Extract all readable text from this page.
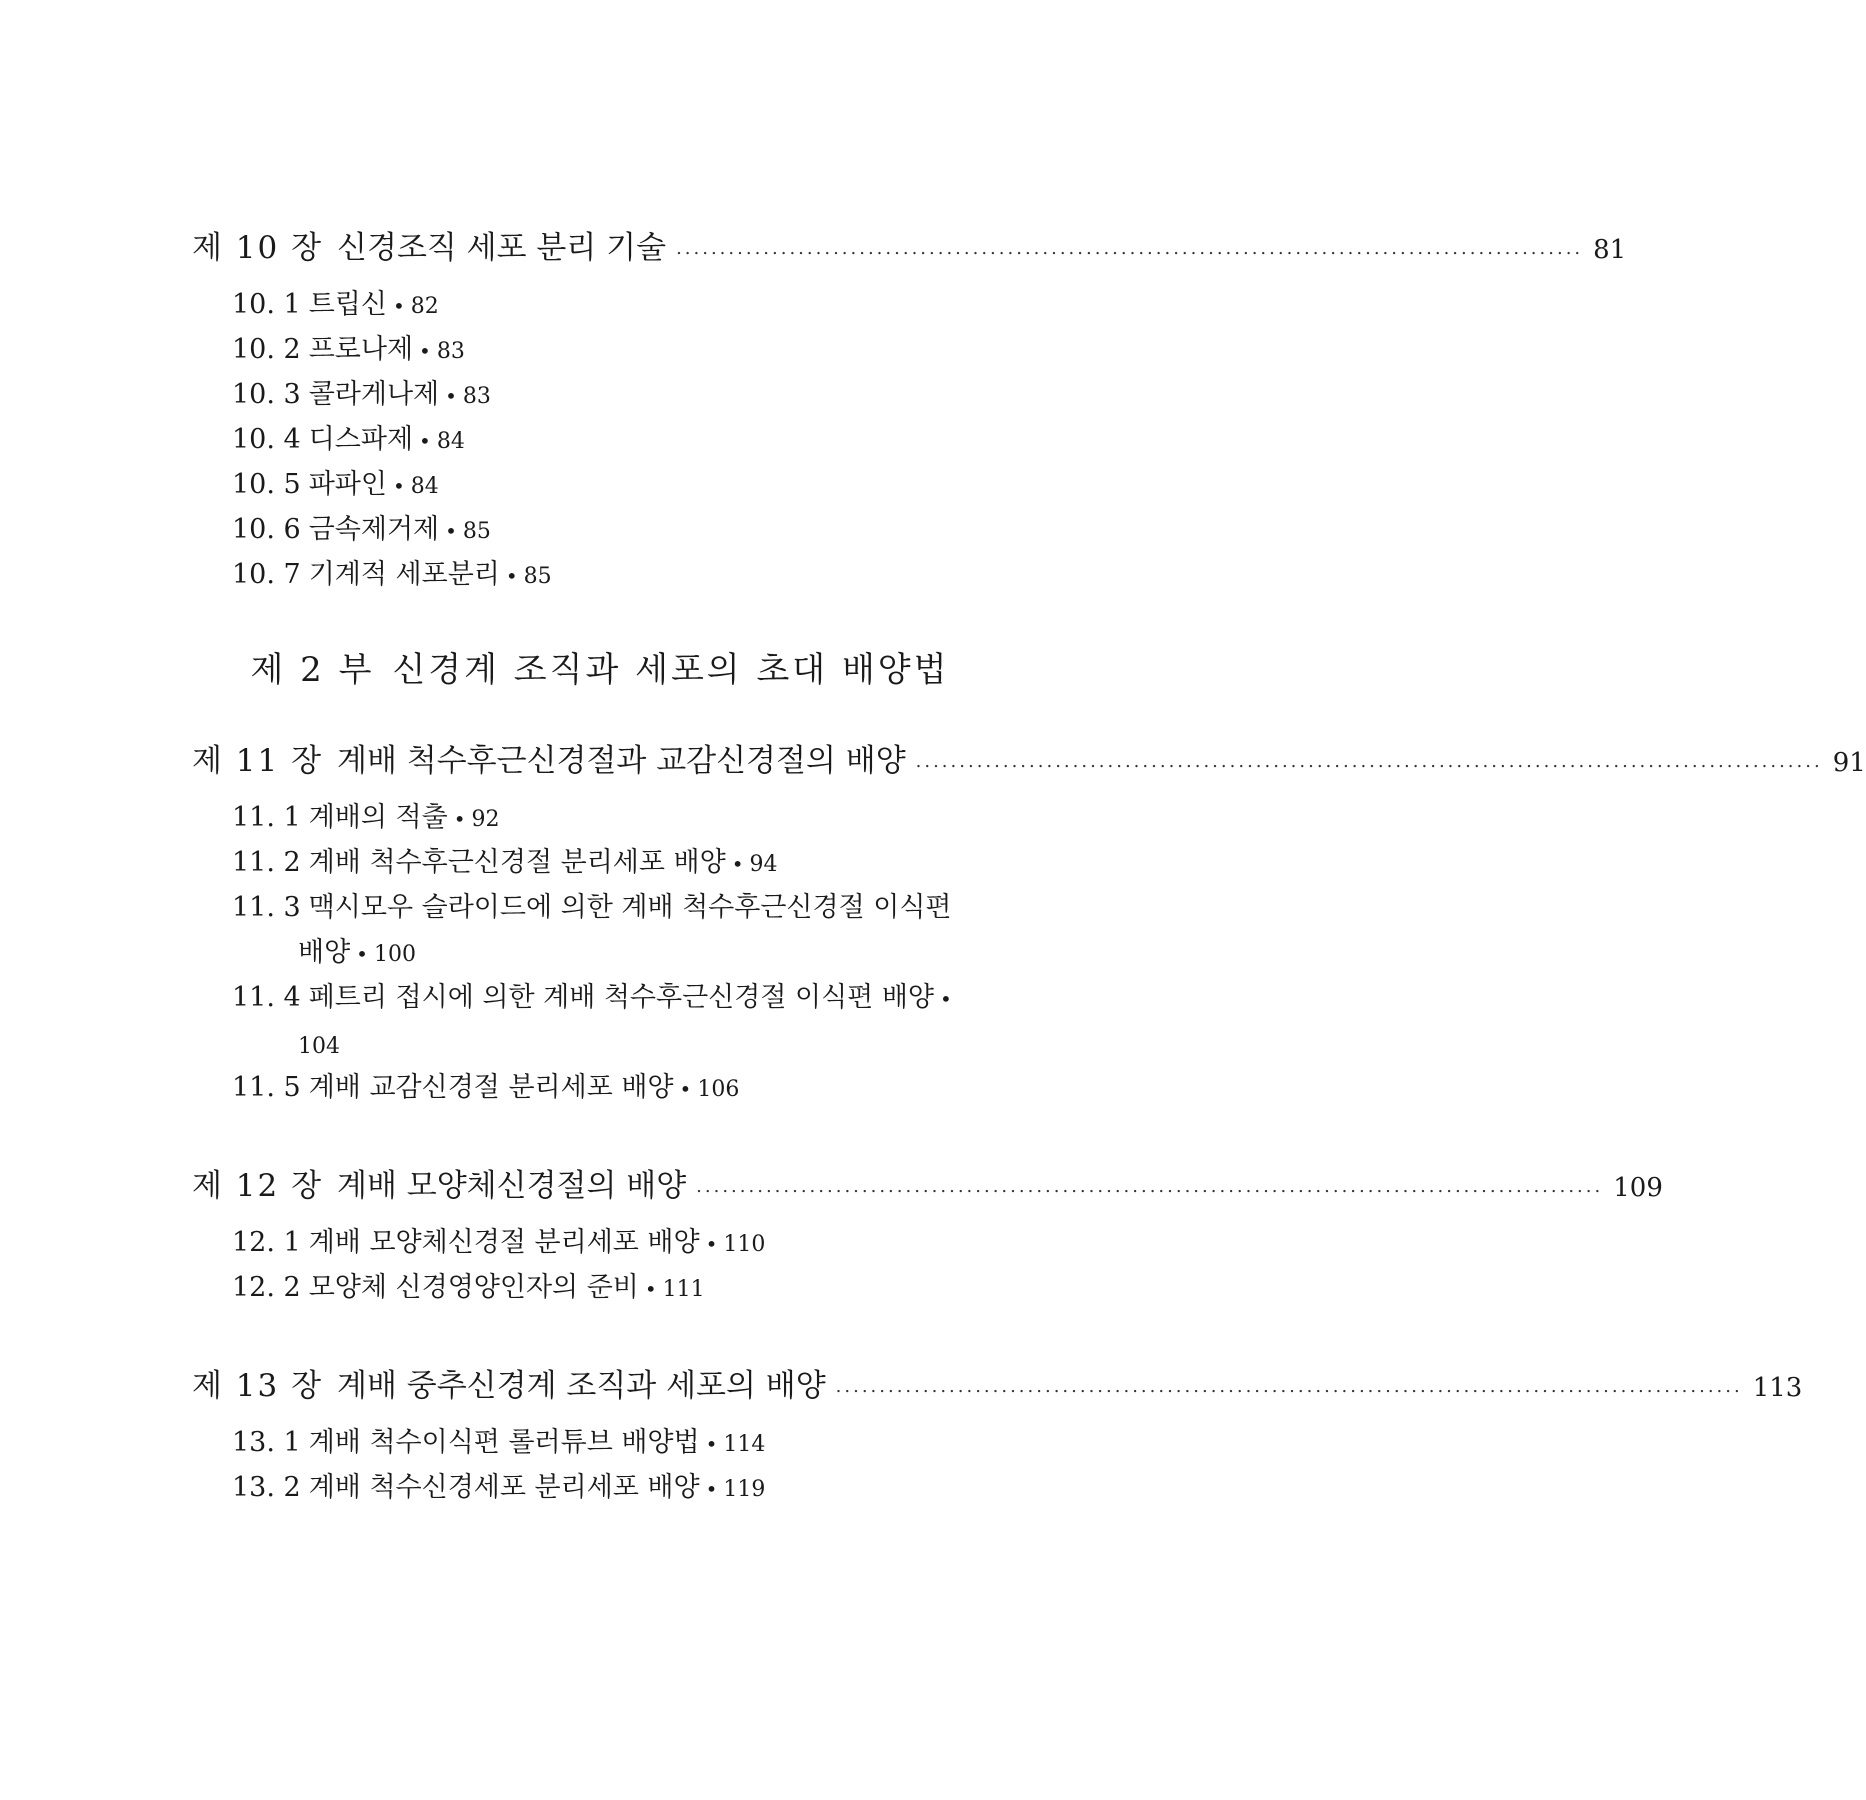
제 10 장 신경조직 세포 분리 기술 ........................................................................................................ 81
10. 1 트립신 • 82
10. 2 프로나제 • 83
10. 3 콜라게나제 • 83
10. 4 디스파제 • 84
10. 5 파파인 • 84
10. 6 금속제거제 • 85
10. 7 기계적 세포분리 • 85
제 2 부 신경계 조직과 세포의 초대 배양법
제 11 장 계배 척수후근신경절과 교감신경절의 배양 ........................................................................................................ 91
11. 1 계배의 적출 • 92
11. 2 계배 척수후근신경절 분리세포 배양 • 94
11. 3 맥시모우 슬라이드에 의한 계배 척수후근신경절 이식편
배양 • 100
11. 4 페트리 접시에 의한 계배 척수후근신경절 이식편 배양 •
104
11. 5 계배 교감신경절 분리세포 배양 • 106
제 12 장 계배 모양체신경절의 배양 ........................................................................................................ 109
12. 1 계배 모양체신경절 분리세포 배양 • 110
12. 2 모양체 신경영양인자의 준비 • 111
제 13 장 계배 중추신경계 조직과 세포의 배양 ........................................................................................................ 113
13. 1 계배 척수이식편 롤러튜브 배양법 • 114
13. 2 계배 척수신경세포 분리세포 배양 • 119
